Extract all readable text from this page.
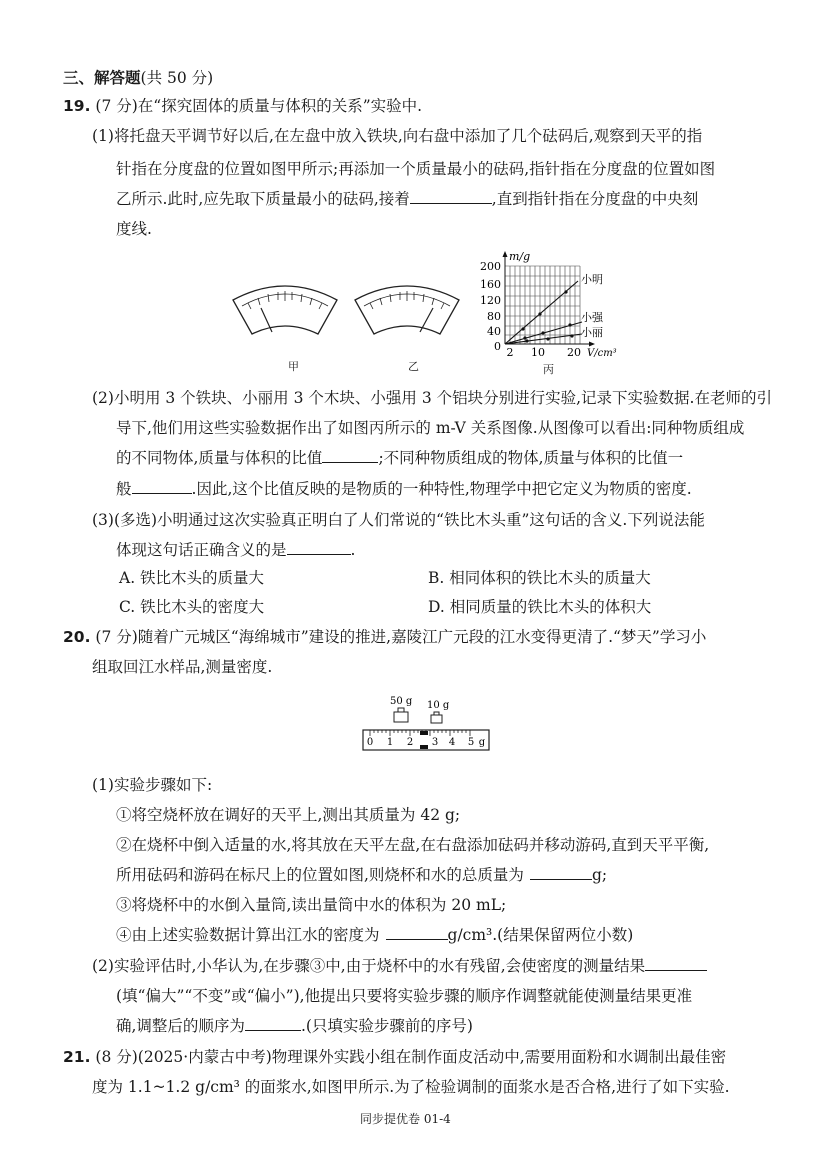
三、解答题(共 50 分)
19. (7 分)在“探究固体的质量与体积的关系”实验中.
(1)将托盘天平调节好以后,在左盘中放入铁块,向右盘中添加了几个砝码后,观察到天平的指
针指在分度盘的位置如图甲所示;再添加一个质量最小的砝码,指针指在分度盘的位置如图
乙所示.此时,应先取下质量最小的砝码,接着	,直到指针指在分度盘的中央刻
度线.
甲	乙
m/g
200
160
120
80
40
0 2 10 20 V/cm³
小明
小强
小丽
丙
(2)小明用 3 个铁块、小丽用 3 个木块、小强用 3 个铝块分别进行实验,记录下实验数据.在老师的引
导下,他们用这些实验数据作出了如图丙所示的 m-V 关系图像.从图像可以看出:同种物质组成
的不同物体,质量与体积的比值	;不同种物质组成的物体,质量与体积的比值一
般	.因此,这个比值反映的是物质的一种特性,物理学中把它定义为物质的密度.
(3)(多选)小明通过这次实验真正明白了人们常说的“铁比木头重”这句话的含义.下列说法能
体现这句话正确含义的是	.
A. 铁比木头的质量大	B. 相同体积的铁比木头的质量大
C. 铁比木头的密度大	D. 相同质量的铁比木头的体积大
20. (7 分)随着广元城区“海绵城市”建设的推进,嘉陵江广元段的江水变得更清了.“梦天”学习小
组取回江水样品,测量密度.
50 g 10 g
0 1 2 3 4 5 g
(1)实验步骤如下:
①将空烧杯放在调好的天平上,测出其质量为 42 g;
②在烧杯中倒入适量的水,将其放在天平左盘,在右盘添加砝码并移动游码,直到天平平衡,
所用砝码和游码在标尺上的位置如图,则烧杯和水的总质量为	g;
③将烧杯中的水倒入量筒,读出量筒中水的体积为 20 mL;
④由上述实验数据计算出江水的密度为	g/cm³.(结果保留两位小数)
(2)实验评估时,小华认为,在步骤③中,由于烧杯中的水有残留,会使密度的测量结果
(填“偏大”“不变”或“偏小”),他提出只要将实验步骤的顺序作调整就能使测量结果更准
确,调整后的顺序为	.(只填实验步骤前的序号)
21. (8 分)(2025·内蒙古中考)物理课外实践小组在制作面皮活动中,需要用面粉和水调制出最佳密
度为 1.1~1.2 g/cm³ 的面浆水,如图甲所示.为了检验调制的面浆水是否合格,进行了如下实验.
同步提优卷 01-4
